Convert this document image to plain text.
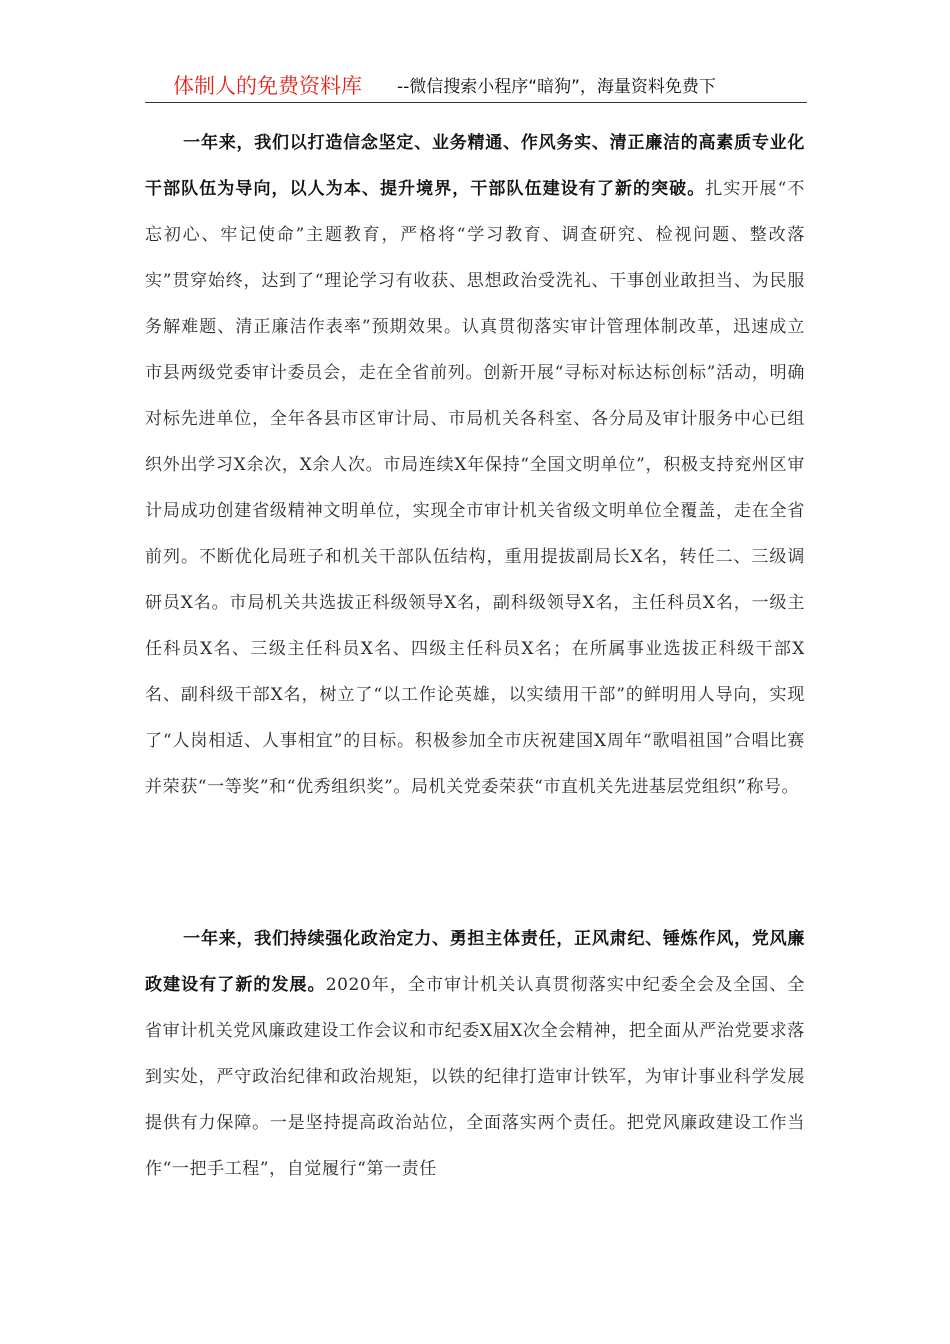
体制人的免费资料库 --微信搜索小程序“暗狗”，海量资料免费下

一年来，我们以打造信念坚定、业务精通、作风务实、清正廉洁的高素质专业化干部队伍为导向，以人为本、提升境界，干部队伍建设有了新的突破。扎实开展“不忘初心、牢记使命”主题教育，严格将“学习教育、调查研究、检视问题、整改落实”贯穿始终，达到了“理论学习有收获、思想政治受洗礼、干事创业敢担当、为民服务解难题、清正廉洁作表率”预期效果。认真贯彻落实审计管理体制改革，迅速成立市县两级党委审计委员会，走在全省前列。创新开展“寻标对标达标创标”活动，明确对标先进单位，全年各县市区审计局、市局机关各科室、各分局及审计服务中心已组织外出学习X余次，X余人次。市局连续X年保持“全国文明单位”，积极支持兖州区审计局成功创建省级精神文明单位，实现全市审计机关省级文明单位全覆盖，走在全省前列。不断优化局班子和机关干部队伍结构，重用提拔副局长X名，转任二、三级调研员X名。市局机关共选拔正科级领导X名，副科级领导X名，主任科员X名，一级主任科员X名、三级主任科员X名、四级主任科员X名；在所属事业选拔正科级干部X名、副科级干部X名，树立了“以工作论英雄，以实绩用干部”的鲜明用人导向，实现了“人岗相适、人事相宜”的目标。积极参加全市庆祝建国X周年“歌唱祖国”合唱比赛并荣获“一等奖”和“优秀组织奖”。局机关党委荣获“市直机关先进基层党组织”称号。

一年来，我们持续强化政治定力、勇担主体责任，正风肃纪、锤炼作风，党风廉政建设有了新的发展。2020年，全市审计机关认真贯彻落实中纪委全会及全国、全省审计机关党风廉政建设工作会议和市纪委X届X次全会精神，把全面从严治党要求落到实处，严守政治纪律和政治规矩，以铁的纪律打造审计铁军，为审计事业科学发展提供有力保障。一是坚持提高政治站位，全面落实两个责任。把党风廉政建设工作当作“一把手工程”，自觉履行“第一责任
